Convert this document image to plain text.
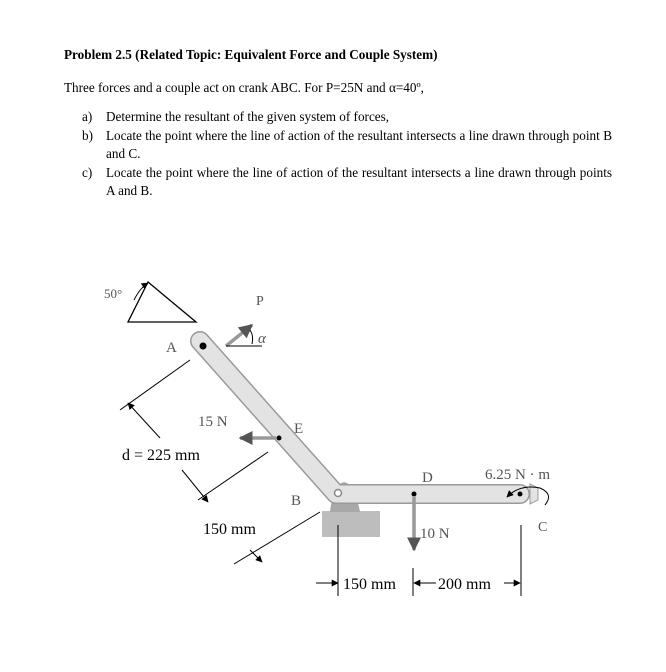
Problem 2.5 (Related Topic: Equivalent Force and Couple System)
Three forces and a couple act on crank ABC. For P=25N and α=40º,
a)	Determine the resultant of the given system of forces,
b) Locate the point where the line of action of the resultant intersects a line drawn through point B and C.
c)	Locate the point where the line of action of the resultant intersects a line drawn through points A and B.
50°
A
B
C
D
E
P
α
15 N
10 N
6.25 N · m
d = 225 mm
150 mm
150 mm	200 mm
